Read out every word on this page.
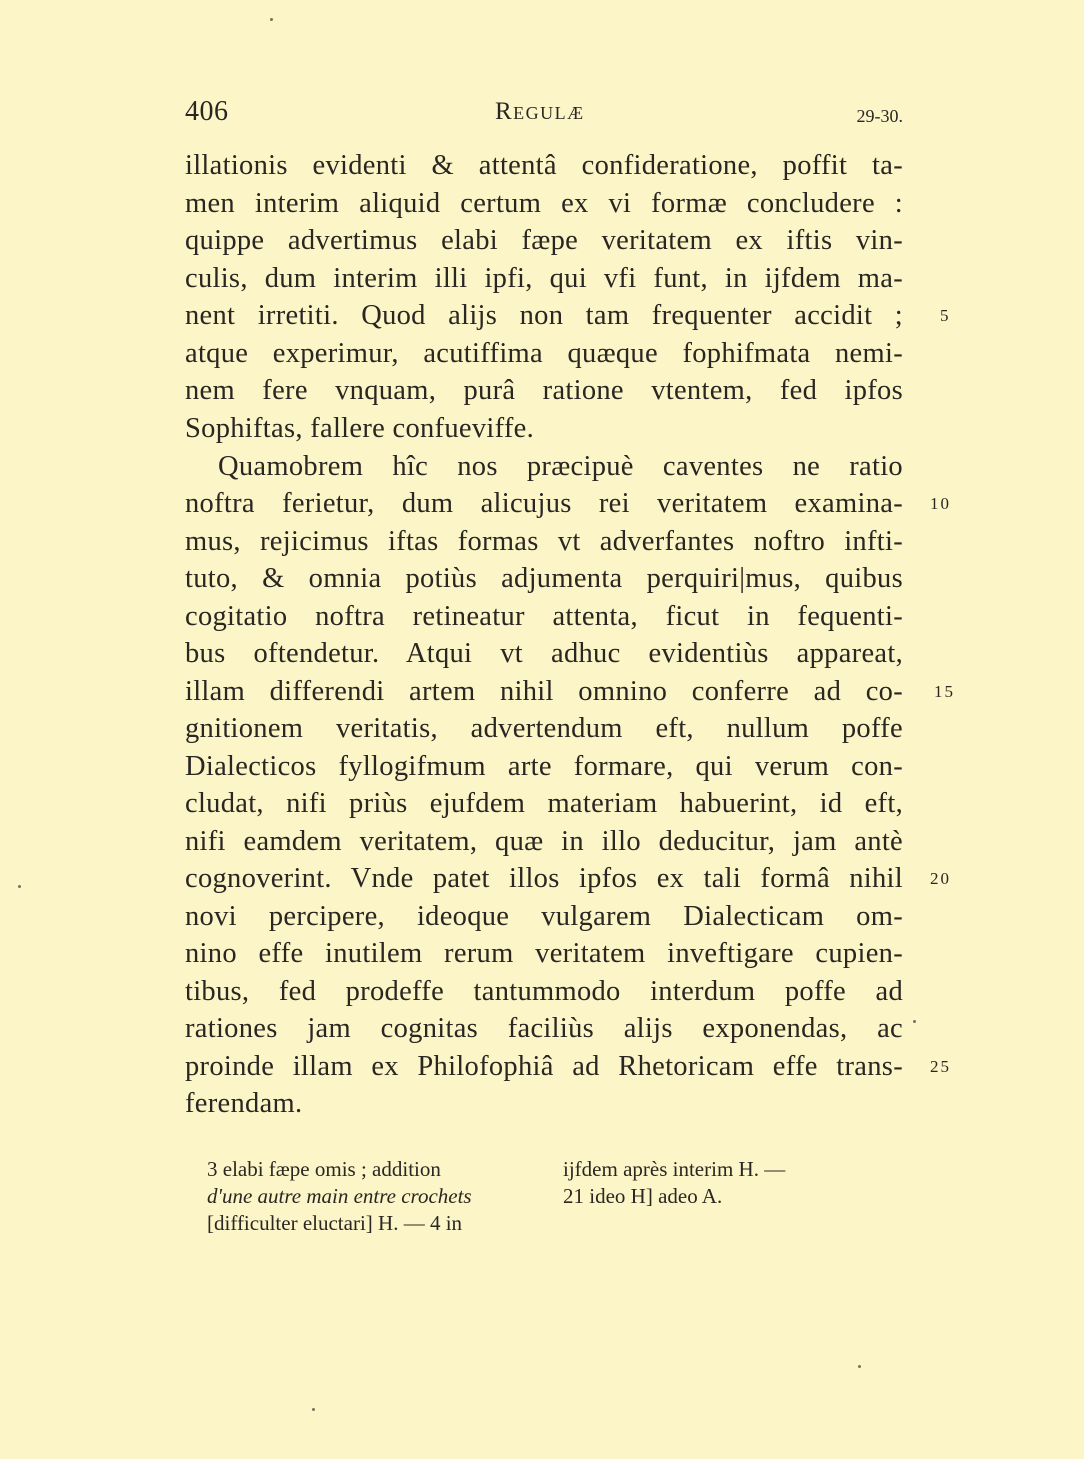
406	Regulæ	29-30.
illationis evidenti & attentâ confideratione, poffit ta-
men interim aliquid certum ex vi formæ concludere :
quippe advertimus elabi fæpe veritatem ex iftis vin-
culis, dum interim illi ipfi, qui vfi funt, in ijfdem ma-
nent irretiti. Quod alijs non tam frequenter accidit ;
atque experimur, acutiffima quæque fophifmata nemi-
nem fere vnquam, purâ ratione vtentem, fed ipfos
Sophiftas, fallere confueviffe.
Quamobrem hîc nos præcipuè caventes ne ratio
noftra ferietur, dum alicujus rei veritatem examina-
mus, rejicimus iftas formas vt adverfantes noftro infti-
tuto, & omnia potiùs adjumenta perquiri|mus, quibus
cogitatio noftra retineatur attenta, ficut in fequenti-
bus oftendetur. Atqui vt adhuc evidentiùs appareat,
illam differendi artem nihil omnino conferre ad co-
gnitionem veritatis, advertendum eft, nullum poffe
Dialecticos fyllogifmum arte formare, qui verum con-
cludat, nifi priùs ejufdem materiam habuerint, id eft,
nifi eamdem veritatem, quæ in illo deducitur, jam antè
cognoverint. Vnde patet illos ipfos ex tali formâ nihil
novi percipere, ideoque vulgarem Dialecticam om-
nino effe inutilem rerum veritatem inveftigare cupien-
tibus, fed prodeffe tantummodo interdum poffe ad
rationes jam cognitas faciliùs alijs exponendas, ac
proinde illam ex Philofophiâ ad Rhetoricam effe trans-
ferendam.
5
10
15
20
25
3 elabi fæpe omis ; addition
d'une autre main entre crochets
[difficulter eluctari] H. — 4 in
ijfdem après interim H. —
21 ideo H] adeo A.
